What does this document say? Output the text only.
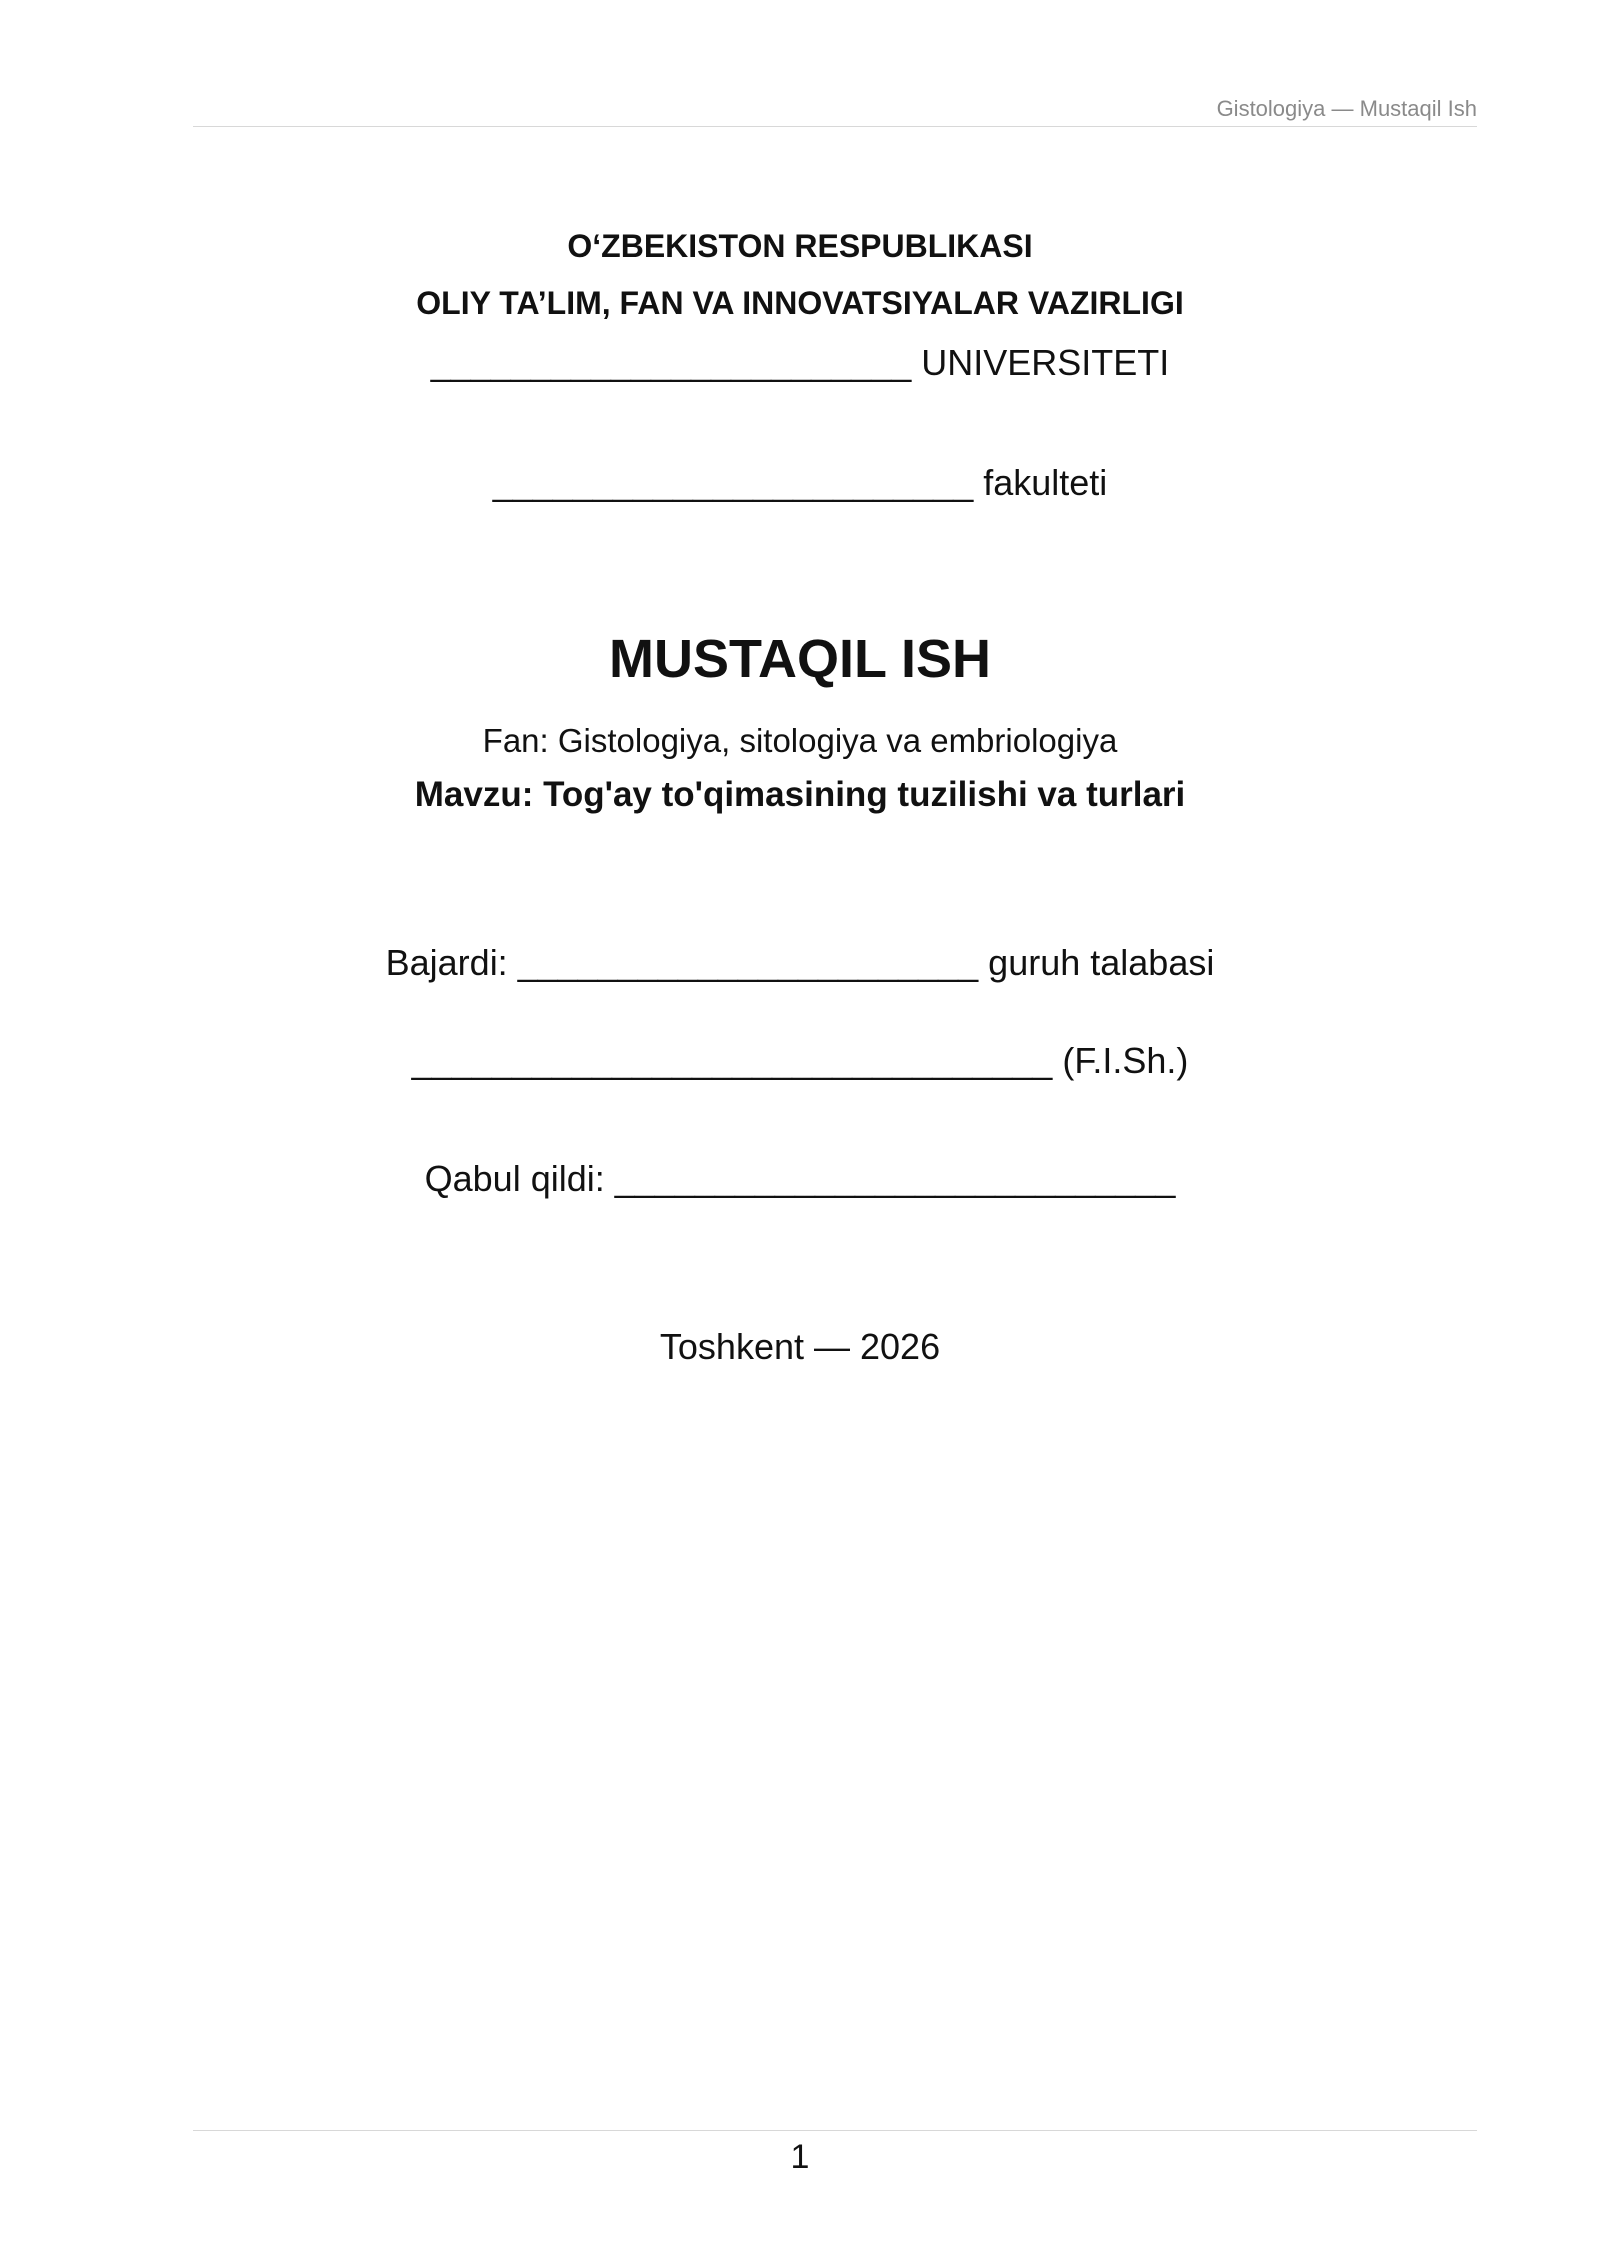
Gistologiya — Mustaqil Ish
O‘ZBEKISTON RESPUBLIKASI
OLIY TA’LIM, FAN VA INNOVATSIYALAR VAZIRLIGI
________________________ UNIVERSITETI
________________________ fakulteti
MUSTAQIL ISH
Fan: Gistologiya, sitologiya va embriologiya
Mavzu: Tog'ay to'qimasining tuzilishi va turlari
Bajardi: _______________________ guruh talabasi
________________________________ (F.I.Sh.)
Qabul qildi: ____________________________
Toshkent — 2026
1
